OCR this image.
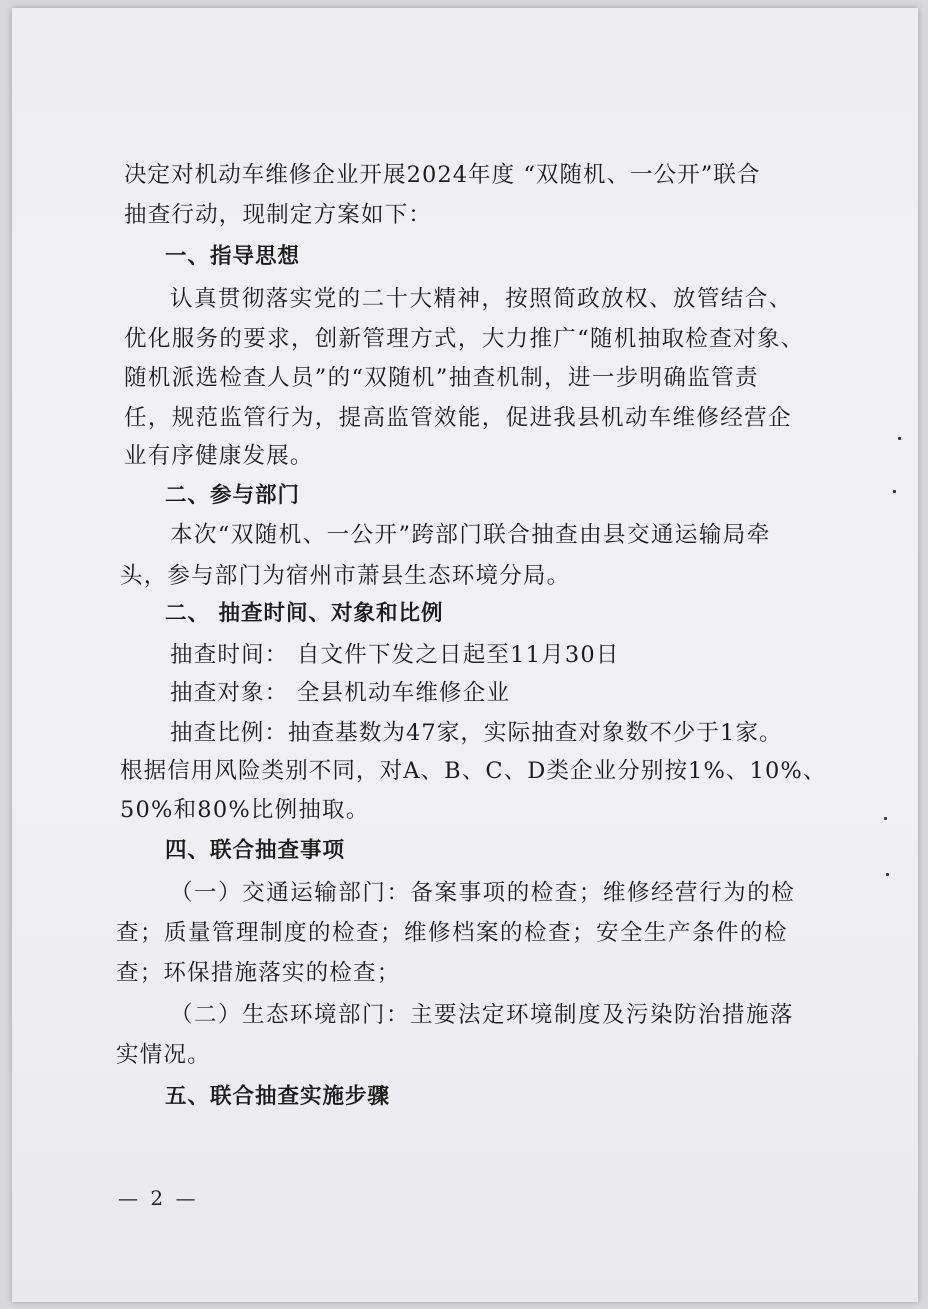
决定对机动车维修企业开展2024年度 “双随机、一公开”联合
抽查行动，现制定方案如下：
一、指导思想
认真贯彻落实党的二十大精神，按照简政放权、放管结合、
优化服务的要求，创新管理方式，大力推广“随机抽取检查对象、
随机派选检查人员”的“双随机”抽查机制，进一步明确监管责
任，规范监管行为，提高监管效能，促进我县机动车维修经营企
业有序健康发展。
二、参与部门
本次“双随机、一公开”跨部门联合抽查由县交通运输局牵
头，参与部门为宿州市萧县生态环境分局。
二、 抽查时间、对象和比例
抽查时间： 自文件下发之日起至11月30日
抽查对象： 全县机动车维修企业
抽查比例：抽查基数为47家，实际抽查对象数不少于1家。
根据信用风险类别不同，对A、B、C、D类企业分别按1%、10%、
50%和80%比例抽取。
四、联合抽查事项
（一）交通运输部门：备案事项的检查；维修经营行为的检
查；质量管理制度的检查；维修档案的检查；安全生产条件的检
查；环保措施落实的检查；
（二）生态环境部门：主要法定环境制度及污染防治措施落
实情况。
五、联合抽查实施步骤
— 2 —
